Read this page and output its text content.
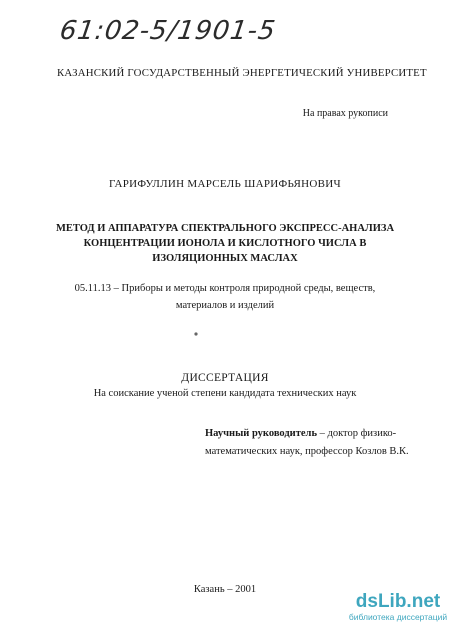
61:02-5/1901-5
КАЗАНСКИЙ ГОСУДАРСТВЕННЫЙ ЭНЕРГЕТИЧЕСКИЙ УНИВЕРСИТЕТ
На правах рукописи
ГАРИФУЛЛИН МАРСЕЛЬ ШАРИФЬЯНОВИЧ
МЕТОД И АППАРАТУРА СПЕКТРАЛЬНОГО ЭКСПРЕСС-АНАЛИЗА
КОНЦЕНТРАЦИИ ИОНОЛА И КИСЛОТНОГО ЧИСЛА В
ИЗОЛЯЦИОННЫХ МАСЛАХ
05.11.13 – Приборы и методы контроля природной среды, веществ,
материалов и изделий
ДИССЕРТАЦИЯ
На соискание ученой степени кандидата технических наук
Научный руководитель – доктор физико-
математических наук, профессор Козлов В.К.
Казань – 2001
dsLib.net
библиотека диссертаций
